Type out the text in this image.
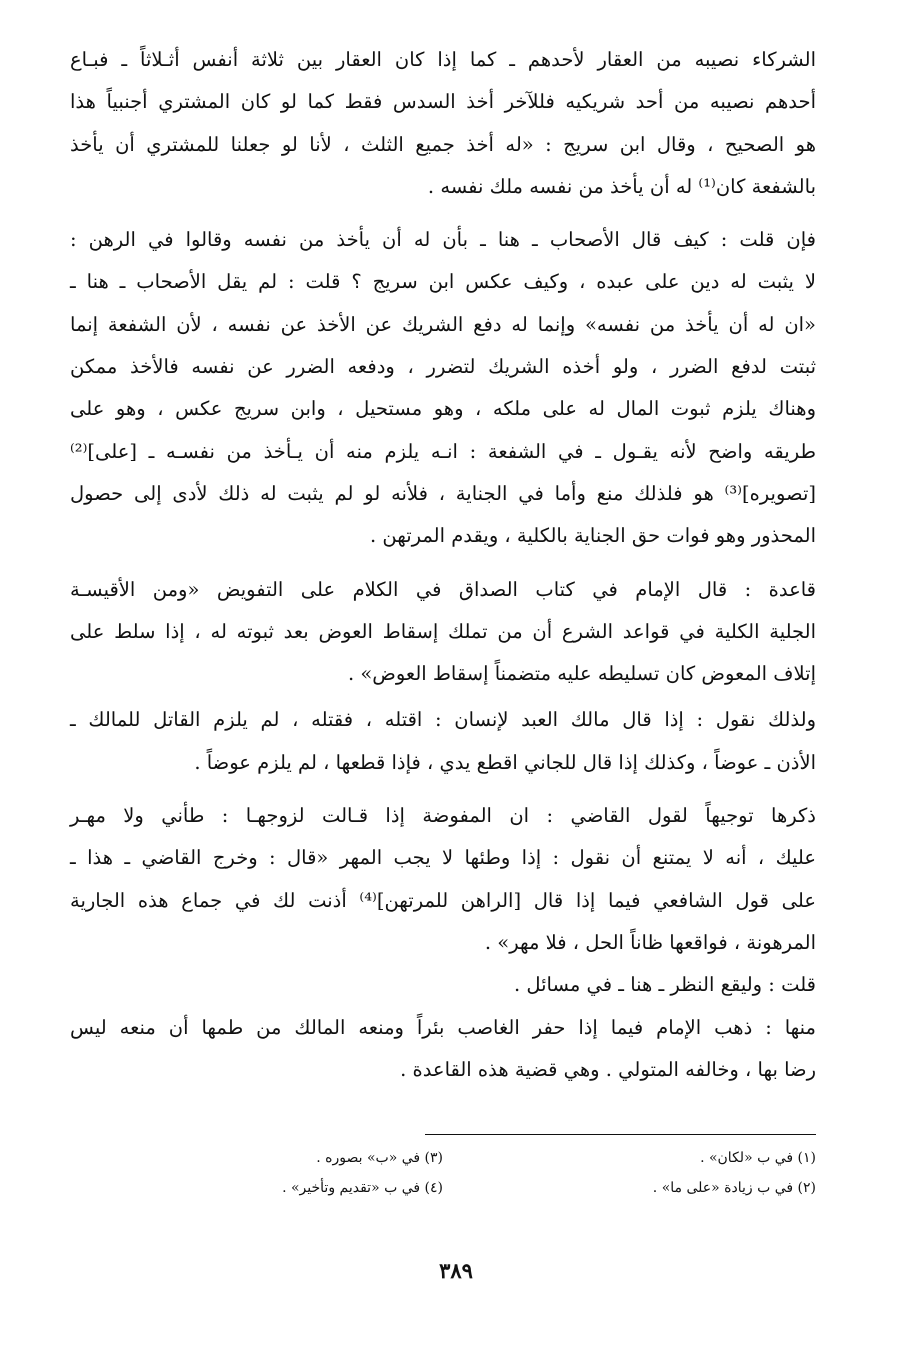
الشركاء نصيبه من العقار لأحدهم ـ كما إذا كان العقار بين ثلاثة أنفس أثـلاثاً ـ فبـاع
أحدهم نصيبه من أحد شريكيه فللآخر أخذ السدس فقط كما لو كان المشتري أجنبياً هذا
هو الصحيح ، وقال ابن سريج : «له أخذ جميع الثلث ، لأنا لو جعلنا للمشتري أن يأخذ
بالشفعة كان⁽¹⁾ له أن يأخذ من نفسه ملك نفسه .
فإن قلت : كيف قال الأصحاب ـ هنا ـ بأن له أن يأخذ من نفسه وقالوا في الرهن :
لا يثبت له دين على عبده ، وكيف عكس ابن سريج ؟ قلت : لم يقل الأصحاب ـ هنا ـ
«ان له أن يأخذ من نفسه» وإنما له دفع الشريك عن الأخذ عن نفسه ، لأن الشفعة إنما
ثبتت لدفع الضرر ، ولو أخذه الشريك لتضرر ، ودفعه الضرر عن نفسه فالأخذ ممكن
وهناك يلزم ثبوت المال له على ملكه ، وهو مستحيل ، وابن سريج عكس ، وهو على
طريقه واضح لأنه يقـول ـ في الشفعة : انـه يلزم منه أن يـأخذ من نفسـه ـ [على]⁽²⁾
[تصويره]⁽³⁾ هو فلذلك منع وأما في الجناية ، فلأنه لو لم يثبت له ذلك لأدى إلى حصول
المحذور وهو فوات حق الجناية بالكلية ، ويقدم المرتهن .
قاعدة : قال الإمام في كتاب الصداق في الكلام على التفويض «ومن الأقيسـة
الجلية الكلية في قواعد الشرع أن من تملك إسقاط العوض بعد ثبوته له ، إذا سلط على
إتلاف المعوض كان تسليطه عليه متضمناً إسقاط العوض» .
ولذلك نقول : إذا قال مالك العبد لإنسان : اقتله ، فقتله ، لم يلزم القاتل للمالك ـ
الأذن ـ عوضاً ، وكذلك إذا قال للجاني اقطع يدي ، فإذا قطعها ، لم يلزم عوضاً .
ذكرها توجيهاً لقول القاضي : ان المفوضة إذا قـالت لزوجهـا : طأني ولا مهـر
عليك ، أنه لا يمتنع أن نقول : إذا وطئها لا يجب المهر «قال : وخرج القاضي ـ هذا ـ
على قول الشافعي فيما إذا قال [الراهن للمرتهن]⁽⁴⁾ أذنت لك في جماع هذه الجارية
المرهونة ، فواقعها ظاناً الحل ، فلا مهر» .
قلت : وليقع النظر ـ هنا ـ في مسائل .
منها : ذهب الإمام فيما إذا حفر الغاصب بئراً ومنعه المالك من طمها أن منعه ليس
رضا بها ، وخالفه المتولي . وهي قضية هذه القاعدة .
(١) في ب «لكان» .
(٣) في «ب» بصوره .
(٢) في ب زيادة «على ما» .
(٤) في ب «تقديم وتأخير» .
٣٨٩
